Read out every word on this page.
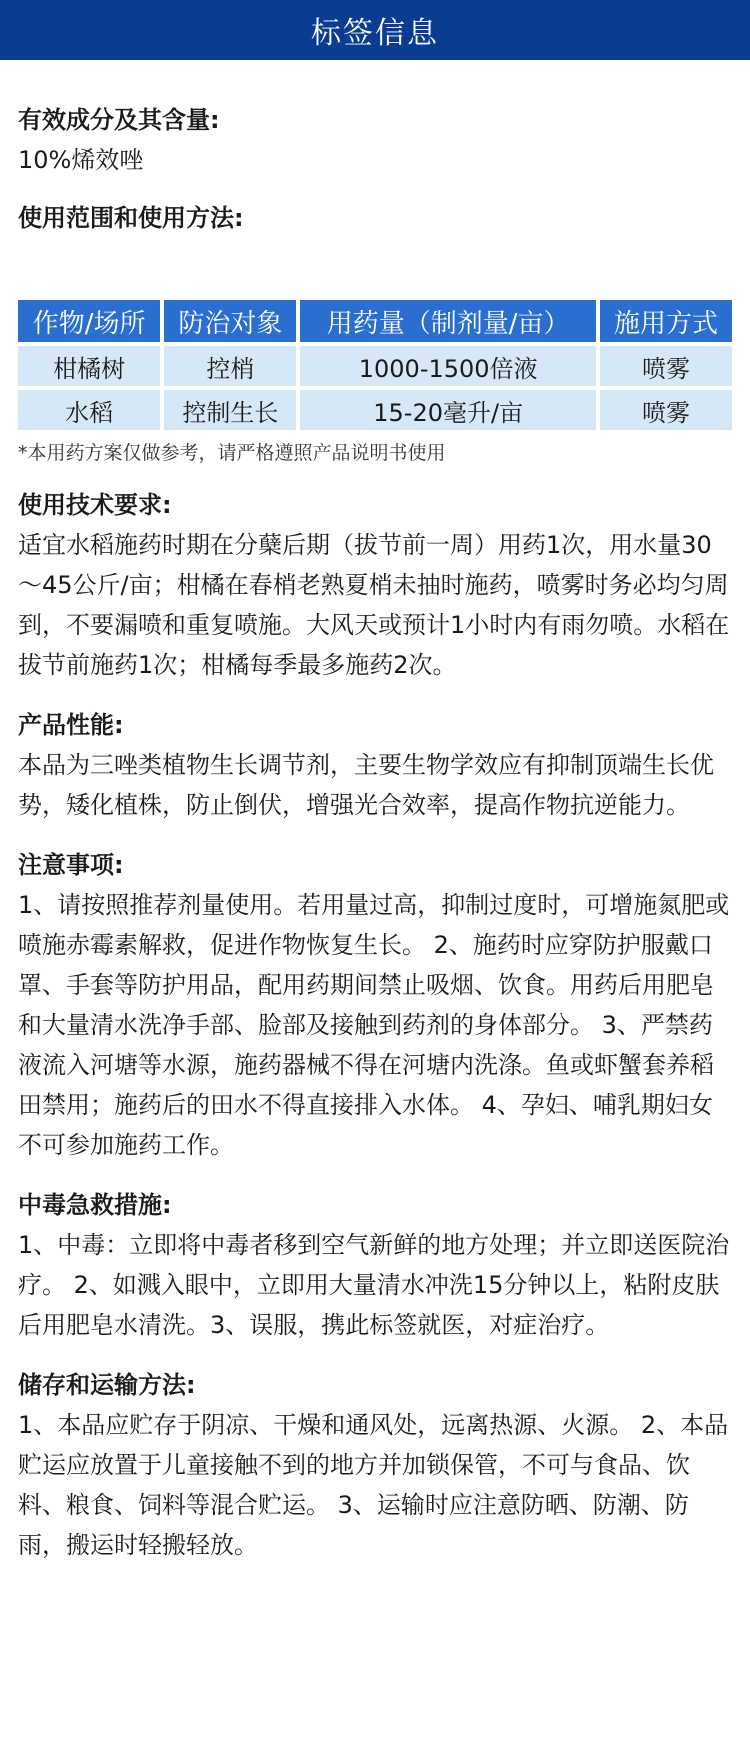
标签信息
有效成分及其含量:
10%烯效唑
使用范围和使用方法:
作物/场所	防治对象	用药量（制剂量/亩）	施用方式
柑橘树	控梢	1000-1500倍液	喷雾
水稻	控制生长	15-20毫升/亩	喷雾
*本用药方案仅做参考，请严格遵照产品说明书使用
使用技术要求:
适宜水稻施药时期在分蘖后期（拔节前一周）用药1次，用水量30～45公斤/亩；柑橘在春梢老熟夏梢未抽时施药，喷雾时务必均匀周到，不要漏喷和重复喷施。大风天或预计1小时内有雨勿喷。水稻在拔节前施药1次；柑橘每季最多施药2次。
产品性能:
本品为三唑类植物生长调节剂，主要生物学效应有抑制顶端生长优势，矮化植株，防止倒伏，增强光合效率，提高作物抗逆能力。
注意事项:
1、请按照推荐剂量使用。若用量过高，抑制过度时，可增施氮肥或喷施赤霉素解救，促进作物恢复生长。 2、施药时应穿防护服戴口罩、手套等防护用品，配用药期间禁止吸烟、饮食。用药后用肥皂和大量清水洗净手部、脸部及接触到药剂的身体部分。 3、严禁药液流入河塘等水源，施药器械不得在河塘内洗涤。鱼或虾蟹套养稻田禁用；施药后的田水不得直接排入水体。 4、孕妇、哺乳期妇女不可参加施药工作。
中毒急救措施:
1、中毒：立即将中毒者移到空气新鲜的地方处理；并立即送医院治疗。 2、如溅入眼中，立即用大量清水冲洗15分钟以上，粘附皮肤后用肥皂水清洗。3、误服，携此标签就医，对症治疗。
储存和运输方法:
1、本品应贮存于阴凉、干燥和通风处，远离热源、火源。 2、本品贮运应放置于儿童接触不到的地方并加锁保管，不可与食品、饮料、粮食、饲料等混合贮运。 3、运输时应注意防晒、防潮、防雨，搬运时轻搬轻放。
